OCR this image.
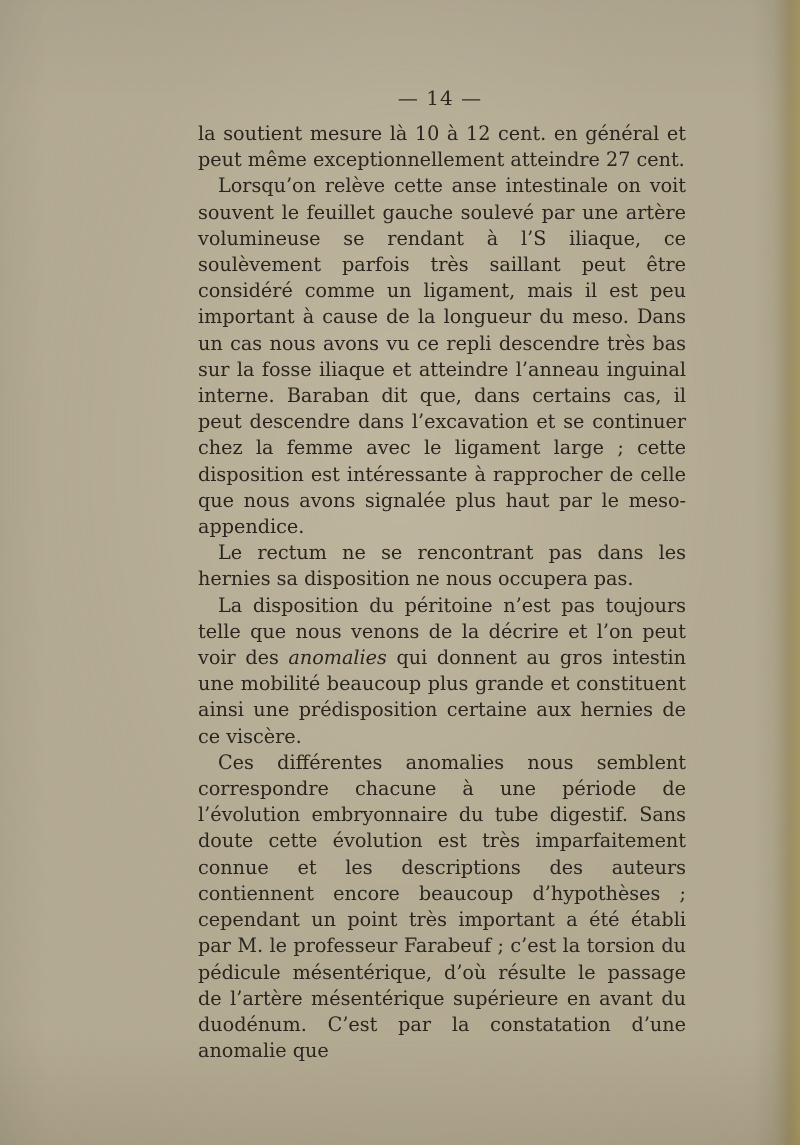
— 14 —

la soutient mesure là 10 à 12 cent. en général et peut même exceptionnellement atteindre 27 cent.

Lorsqu’on relève cette anse intestinale on voit souvent le feuillet gauche soulevé par une artère volumineuse se rendant à l’S iliaque, ce soulèvement parfois très saillant peut être considéré comme un ligament, mais il est peu important à cause de la longueur du meso. Dans un cas nous avons vu ce repli descendre très bas sur la fosse iliaque et atteindre l’anneau inguinal interne. Baraban dit que, dans certains cas, il peut descendre dans l’excavation et se continuer chez la femme avec le ligament large ; cette disposition est intéressante à rapprocher de celle que nous avons signalée plus haut par le meso-appendice.

Le rectum ne se rencontrant pas dans les hernies sa disposition ne nous occupera pas.

La disposition du péritoine n’est pas toujours telle que nous venons de la décrire et l’on peut voir des anomalies qui donnent au gros intestin une mobilité beaucoup plus grande et constituent ainsi une prédisposition certaine aux hernies de ce viscère.

Ces différentes anomalies nous semblent correspondre chacune à une période de l’évolution embryonnaire du tube digestif. Sans doute cette évolution est très imparfaitement connue et les descriptions des auteurs contiennent encore beaucoup d’hypothèses ; cependant un point très important a été établi par M. le professeur Farabeuf ; c’est la torsion du pédicule mésentérique, d’où résulte le passage de l’artère mésentérique supérieure en avant du duodénum. C’est par la constatation d’une anomalie que
